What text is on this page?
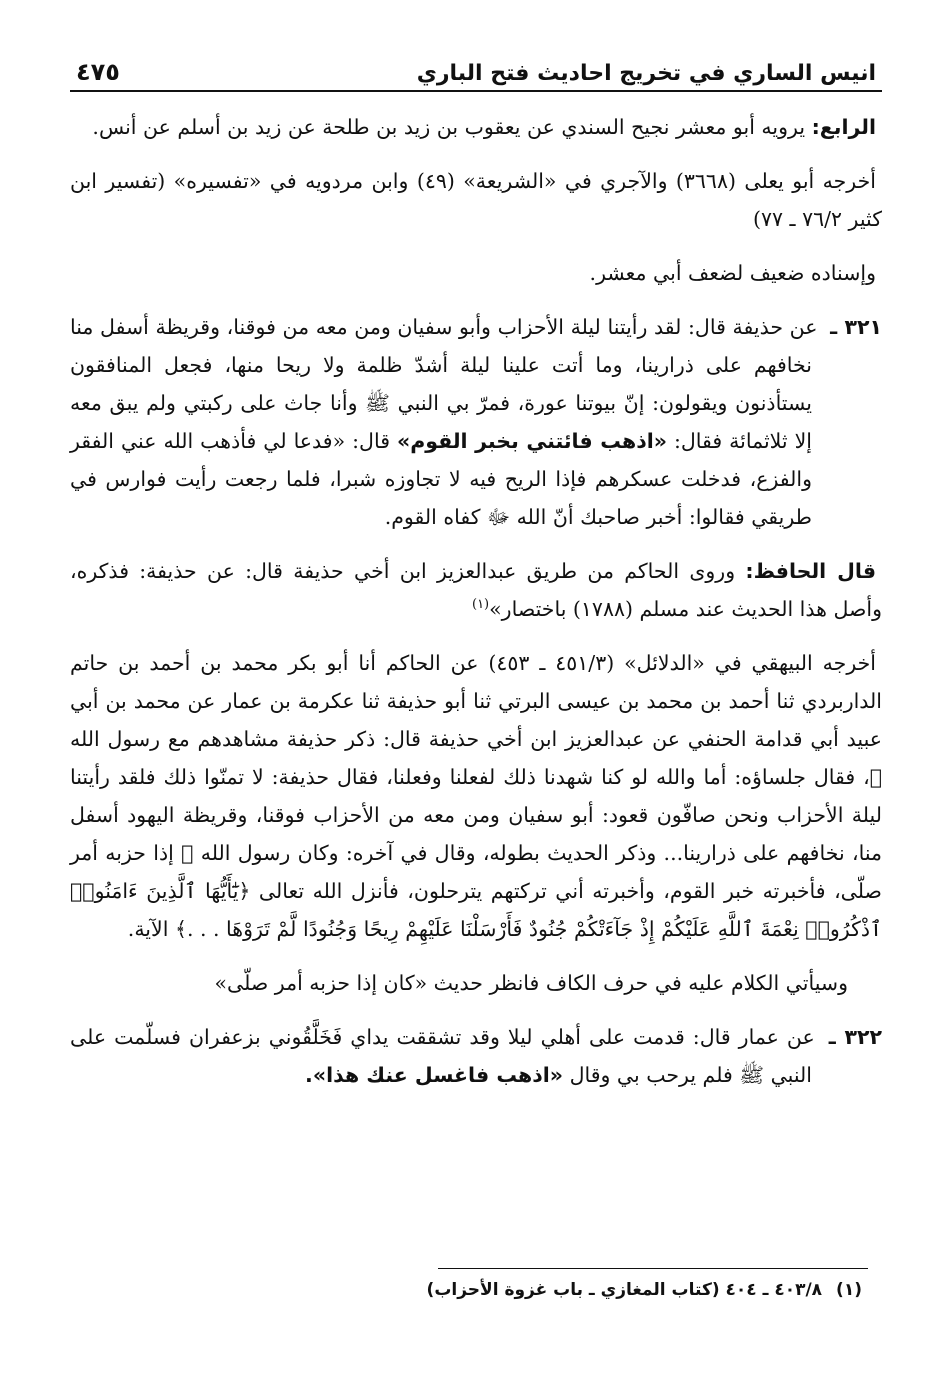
انيس الساري في تخريج احاديث فتح الباري
٤٧٥

الرابع: يرويه أبو معشر نجيح السندي عن يعقوب بن زيد بن طلحة عن زيد بن أسلم عن أنس.

أخرجه أبو يعلى (٣٦٦٨) والآجري في «الشريعة» (٤٩) وابن مردويه في «تفسيره» (تفسير ابن كثير ٧٦/٢ ـ ٧٧)

وإسناده ضعيف لضعف أبي معشر.

٣٢١ ـ عن حذيفة قال: لقد رأيتنا ليلة الأحزاب وأبو سفيان ومن معه من فوقنا، وقريظة أسفل منا نخافهم على ذرارينا، وما أتت علينا ليلة أشدّ ظلمة ولا ريحا منها، فجعل المنافقون يستأذنون ويقولون: إنّ بيوتنا عورة، فمرّ بي النبي ﷺ وأنا جاث على ركبتي ولم يبق معه إلا ثلاثمائة فقال: «اذهب فائتني بخبر القوم» قال: «فدعا لي فأذهب الله عني الفقر والفزع، فدخلت عسكرهم فإذا الريح فيه لا تجاوزه شبرا، فلما رجعت رأيت فوارس في طريقي فقالوا: أخبر صاحبك أنّ الله ﷻ كفاه القوم.

قال الحافظ: وروى الحاكم من طريق عبدالعزيز ابن أخي حذيفة قال: عن حذيفة: فذكره، وأصل هذا الحديث عند مسلم (١٧٨٨) باختصار»$^{(١)}$

أخرجه البيهقي في «الدلائل» (٤٥١/٣ ـ ٤٥٣) عن الحاكم أنا أبو بكر محمد بن أحمد بن حاتم الداربردي ثنا أحمد بن محمد بن عيسى البرتي ثنا أبو حذيفة ثنا عكرمة بن عمار عن محمد بن أبي عبيد أبي قدامة الحنفي عن عبدالعزيز ابن أخي حذيفة قال: ذكر حذيفة مشاهدهم مع رسول الله ﷺ، فقال جلساؤه: أما والله لو كنا شهدنا ذلك لفعلنا وفعلنا، فقال حذيفة: لا تمنّوا ذلك فلقد رأيتنا ليلة الأحزاب ونحن صافّون قعود: أبو سفيان ومن معه من الأحزاب فوقنا، وقريظة اليهود أسفل منا، نخافهم على ذرارينا... وذكر الحديث بطوله، وقال في آخره: وكان رسول الله ﷺ إذا حزبه أمر صلّى، فأخبرته خبر القوم، وأخبرته أني تركتهم يترحلون، فأنزل الله تعالى ﴿يَٰٓأَيُّهَا ٱلَّذِينَ ءَامَنُوا۟ ٱذْكُرُوا۟ نِعْمَةَ ٱللَّهِ عَلَيْكُمْ إِذْ جَآءَتْكُمْ جُنُودٌ فَأَرْسَلْنَا عَلَيْهِمْ رِيحًا وَجُنُودًا لَّمْ تَرَوْهَا . . .﴾ الآية.

وسيأتي الكلام عليه في حرف الكاف فانظر حديث «كان إذا حزبه أمر صلّى»

٣٢٢ ـ عن عمار قال: قدمت على أهلي ليلا وقد تشققت يداي فَخَلَّقُوني بزعفران فسلّمت على النبي ﷺ فلم يرحب بي وقال «اذهب فاغسل عنك هذا».

(١)٤٠٣/٨ ـ ٤٠٤ (كتاب المغازي ـ باب غزوة الأحزاب)
